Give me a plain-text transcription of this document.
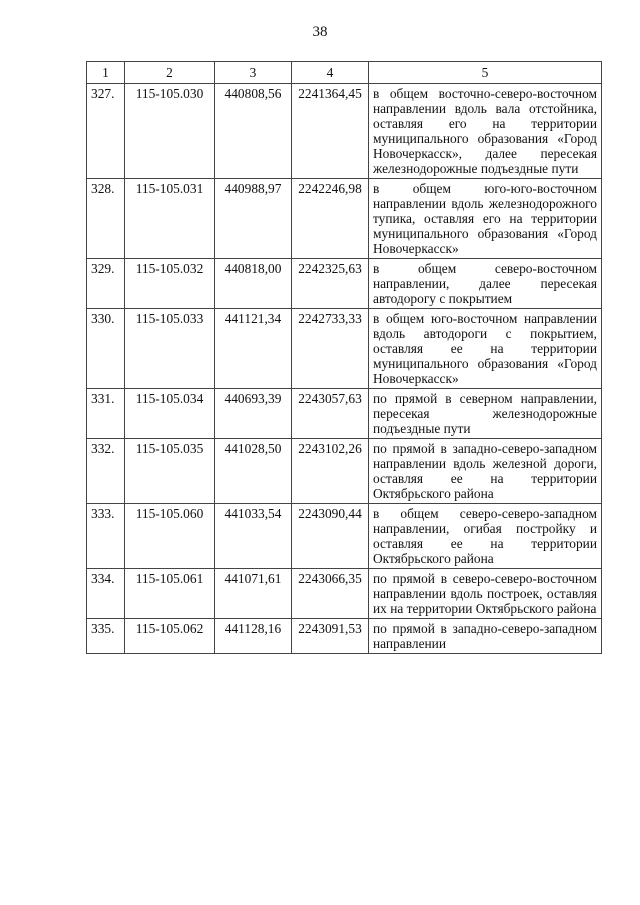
38
1	2	3	4	5
327.	115-105.030	440808,56	2241364,45	в общем восточно-северо-восточном направлении вдоль вала отстойника, оставляя его на территории муниципального образования «Город Новочеркасск», далее пересекая железнодорожные подъездные пути
328.	115-105.031	440988,97	2242246,98	в общем юго-юго-восточном направлении вдоль железнодорожного тупика, оставляя его на территории муниципального образования «Город Новочеркасск»
329.	115-105.032	440818,00	2242325,63	в общем северо-восточном направлении, далее пересекая автодорогу с покрытием
330.	115-105.033	441121,34	2242733,33	в общем юго-восточном направлении вдоль автодороги с покрытием, оставляя ее на территории муниципального образования «Город Новочеркасск»
331.	115-105.034	440693,39	2243057,63	по прямой в северном направлении, пересекая железнодорожные подъездные пути
332.	115-105.035	441028,50	2243102,26	по прямой в западно-северо-западном направлении вдоль железной дороги, оставляя ее на территории Октябрьского района
333.	115-105.060	441033,54	2243090,44	в общем северо-северо-западном направлении, огибая постройку и оставляя ее на территории Октябрьского района
334.	115-105.061	441071,61	2243066,35	по прямой в северо-северо-восточном направлении вдоль построек, оставляя их на территории Октябрьского района
335.	115-105.062	441128,16	2243091,53	по прямой в западно-северо-западном направлении
